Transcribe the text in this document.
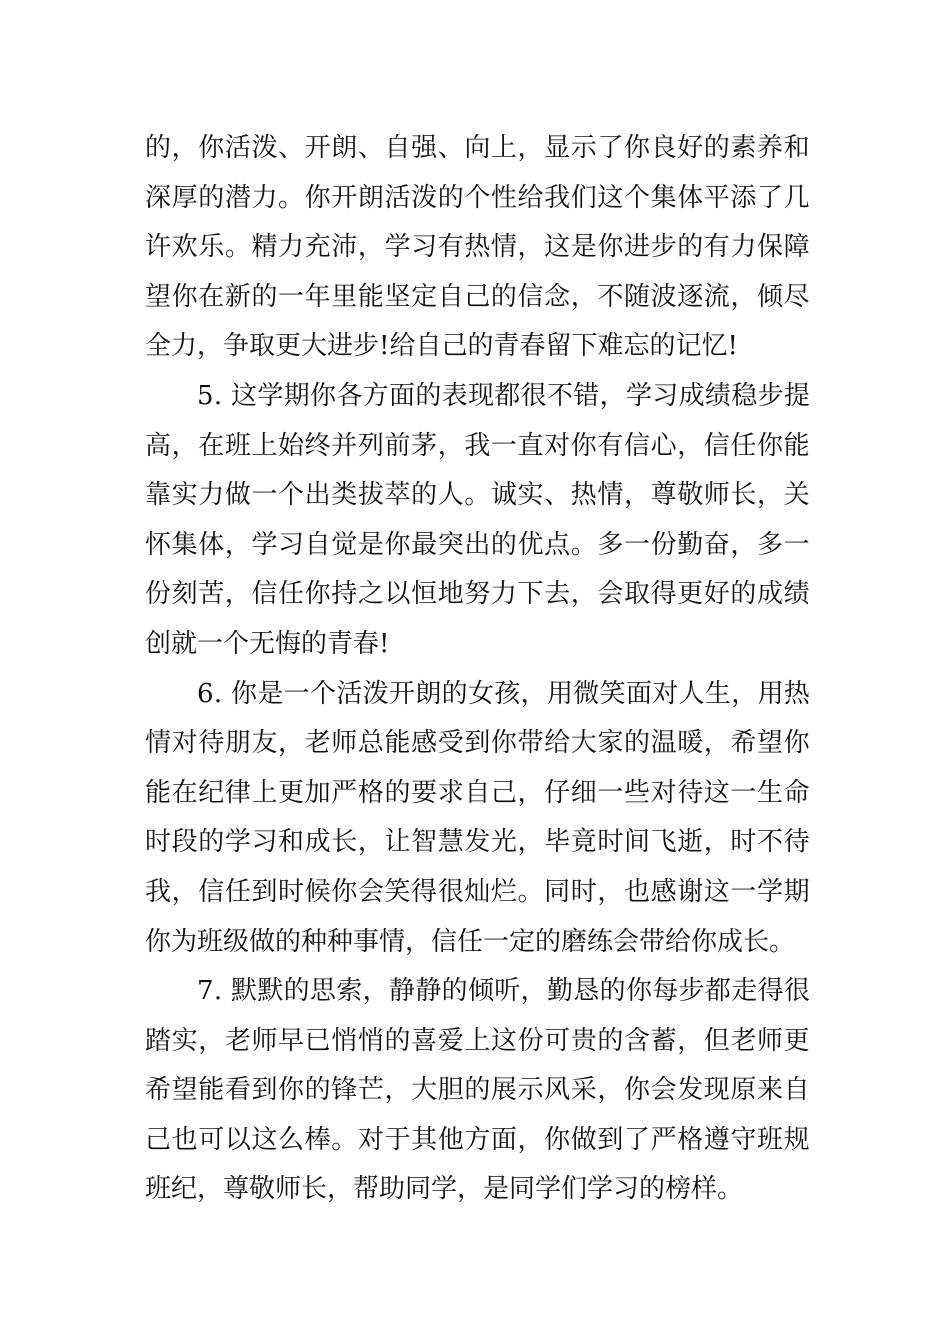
的 ， 你 活 泼 、 开 朗 、 自 强 、 向 上 ， 显 示 了 你 良 好 的 素 养 和
深 厚 的 潜 力 。 你 开 朗 活 泼 的 个 性 给 我 们 这 个 集 体 平 添 了 几
许 欢 乐 。 精 力 充 沛 ， 学 习 有 热 情 ， 这 是 你 进 步 的 有 力 保 障
望 你 在 新 的 一 年 里 能 坚 定 自 己 的 信 念 ， 不 随 波 逐 流 ， 倾 尽
全力，争取更大进步!给自己的青春留下难忘的记忆!
5 .
这 学 期 你 各 方 面 的 表 现 都 很 不 错 ， 学 习 成 绩 稳 步 提
高 ， 在 班 上 始 终 并 列 前 茅 ， 我 一 直 对 你 有 信 心 ， 信 任 你 能
靠 实 力 做 一 个 出 类 拔 萃 的 人 。 诚 实 、 热 情 ， 尊 敬 师 长 ， 关
怀 集 体 ， 学 习 自 觉 是 你 最 突 出 的 优 点 。 多 一 份 勤 奋 ， 多 一
份 刻 苦 ， 信 任 你 持 之 以 恒 地 努 力 下 去 ， 会 取 得 更 好 的 成 绩
创就一个无悔的青春!
6 .
你 是 一 个 活 泼 开 朗 的 女 孩 ， 用 微 笑 面 对 人 生 ， 用 热
情 对 待 朋 友 ， 老 师 总 能 感 受 到 你 带 给 大 家 的 温 暖 ， 希 望 你
能 在 纪 律 上 更 加 严 格 的 要 求 自 己 ， 仔 细 一 些 对 待 这 一 生 命
时 段 的 学 习 和 成 长 ， 让 智 慧 发 光 ， 毕 竟 时 间 飞 逝 ， 时 不 待
我 ， 信 任 到 时 候 你 会 笑 得 很 灿 烂 。 同 时 ， 也 感 谢 这 一 学 期
你为班级做的种种事情，信任一定的磨练会带给你成长。
7 .
默 默 的 思 索 ， 静 静 的 倾 听 ， 勤 恳 的 你 每 步 都 走 得 很
踏 实 ， 老 师 早 已 悄 悄 的 喜 爱 上 这 份 可 贵 的 含 蓄 ， 但 老 师 更
希 望 能 看 到 你 的 锋 芒 ， 大 胆 的 展 示 风 采 ， 你 会 发 现 原 来 自
己 也 可 以 这 么 棒 。 对 于 其 他 方 面 ， 你 做 到 了 严 格 遵 守 班 规
班纪，尊敬师长，帮助同学，是同学们学习的榜样。
